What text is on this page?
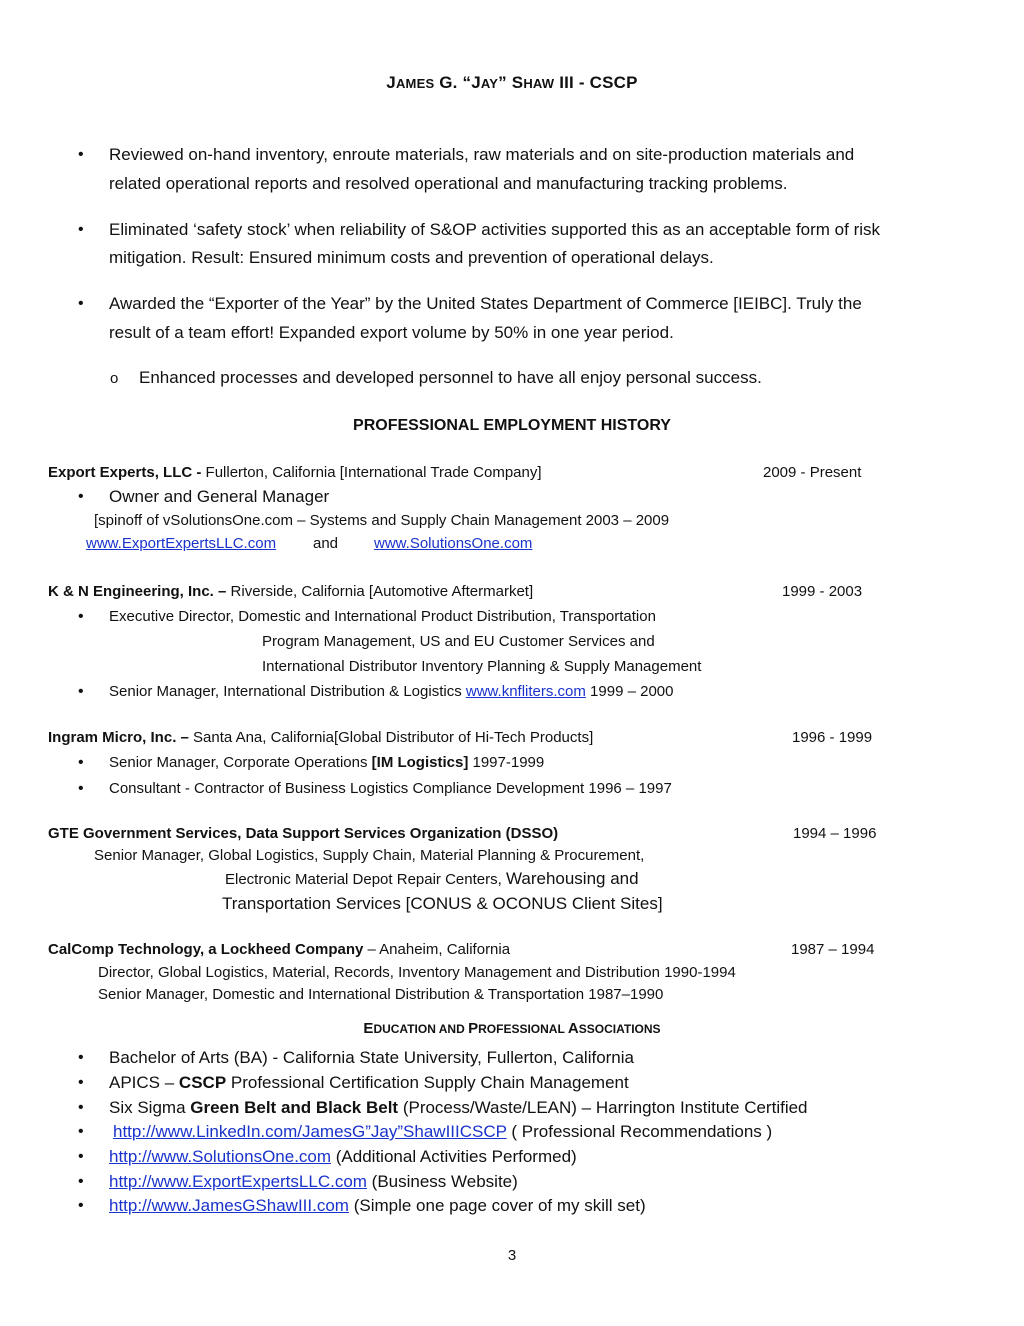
JAMES G. “JAY” SHAW III - CSCP
• Reviewed on-hand inventory, enroute materials, raw materials and on site-production materials and
related operational reports and resolved operational and manufacturing tracking problems.
• Eliminated ‘safety stock’ when reliability of S&OP activities supported this as an acceptable form of risk
mitigation. Result: Ensured minimum costs and prevention of operational delays.
• Awarded the “Exporter of the Year” by the United States Department of Commerce [IEIBC]. Truly the
result of a team effort! Expanded export volume by 50% in one year period.
o Enhanced processes and developed personnel to have all enjoy personal success.
PROFESSIONAL EMPLOYMENT HISTORY
Export Experts, LLC - Fullerton, California [International Trade Company]	2009 - Present
• Owner and General Manager
[spinoff of vSolutionsOne.com – Systems and Supply Chain Management 2003 – 2009
www.ExportExpertsLLC.com and www.SolutionsOne.com
K & N Engineering, Inc. – Riverside, California [Automotive Aftermarket]	1999 - 2003
• Executive Director, Domestic and International Product Distribution, Transportation
Program Management, US and EU Customer Services and
International Distributor Inventory Planning & Supply Management
• Senior Manager, International Distribution & Logistics www.knfliters.com 1999 – 2000
Ingram Micro, Inc. – Santa Ana, California[Global Distributor of Hi-Tech Products]	1996 - 1999
• Senior Manager, Corporate Operations [IM Logistics] 1997-1999
• Consultant - Contractor of Business Logistics Compliance Development 1996 – 1997
GTE Government Services, Data Support Services Organization (DSSO)	1994 – 1996
Senior Manager, Global Logistics, Supply Chain, Material Planning & Procurement,
Electronic Material Depot Repair Centers, Warehousing and
Transportation Services [CONUS & OCONUS Client Sites]
CalComp Technology, a Lockheed Company – Anaheim, California	1987 – 1994
Director, Global Logistics, Material, Records, Inventory Management and Distribution 1990-1994
Senior Manager, Domestic and International Distribution & Transportation 1987–1990
EDUCATION AND PROFESSIONAL ASSOCIATIONS
• Bachelor of Arts (BA) - California State University, Fullerton, California
• APICS – CSCP Professional Certification Supply Chain Management
• Six Sigma Green Belt and Black Belt (Process/Waste/LEAN) – Harrington Institute Certified
• http://www.LinkedIn.com/JamesG”Jay”ShawIIICSCP ( Professional Recommendations )
• http://www.SolutionsOne.com (Additional Activities Performed)
• http://www.ExportExpertsLLC.com (Business Website)
• http://www.JamesGShawIII.com (Simple one page cover of my skill set)
3
